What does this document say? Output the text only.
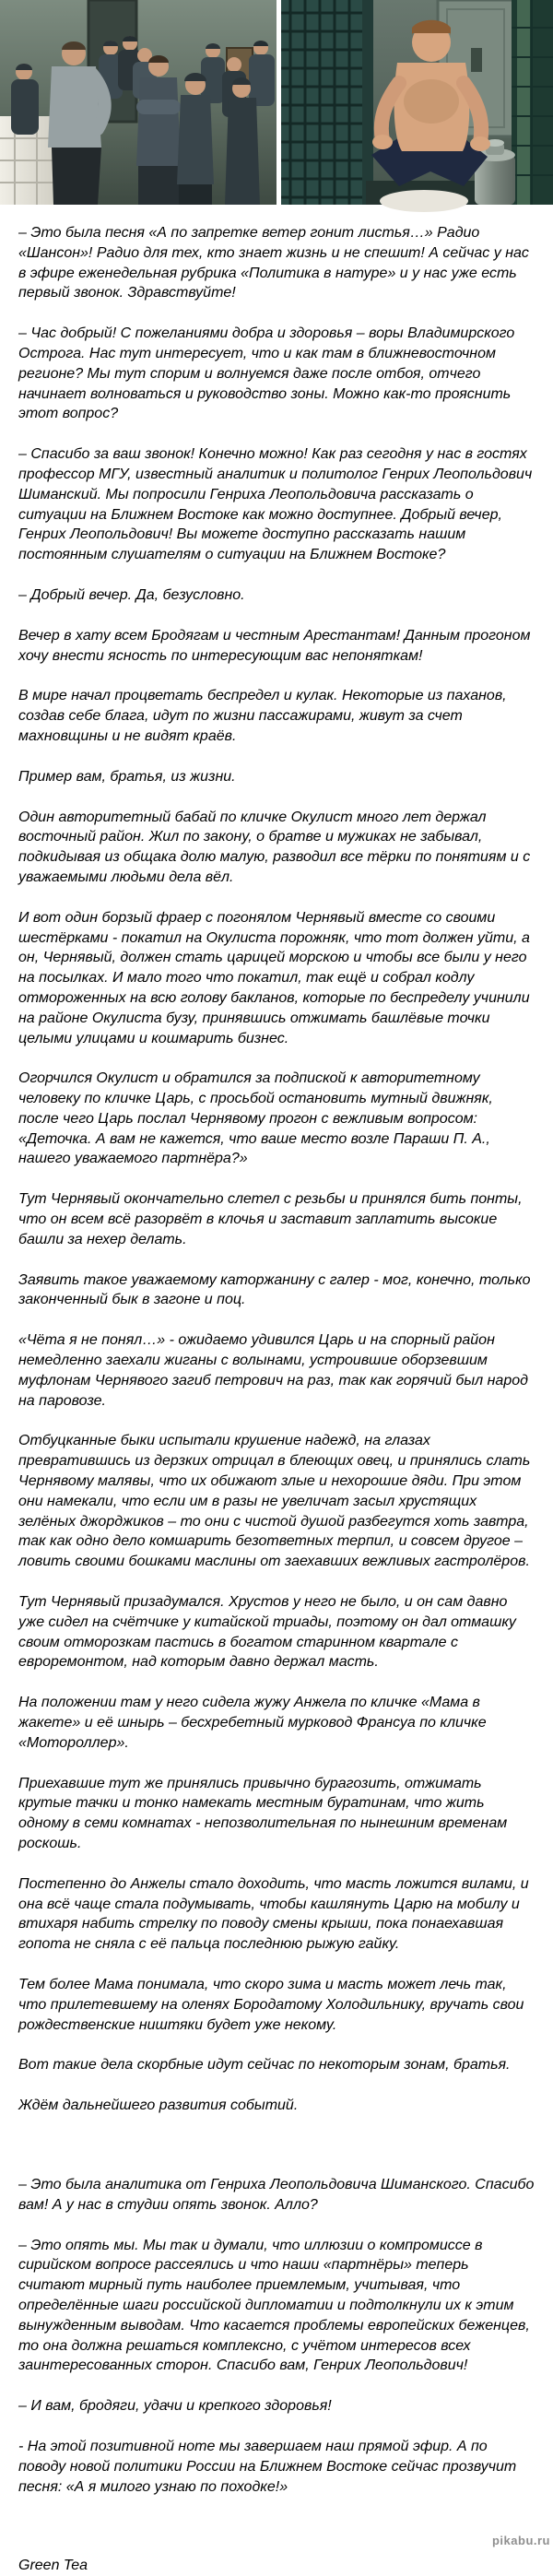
– Это была песня «А по запретке ветер гонит листья…» Радио «Шансон»! Радио для тех, кто знает жизнь и не спешит! А сейчас у нас в эфире еженедельная рубрика «Политика в натуре» и у нас уже есть первый звонок. Здравствуйте!

– Час добрый! С пожеланиями добра и здоровья – воры Владимирского Острога. Нас тут интересует, что и как там в ближневосточном регионе? Мы тут спорим и волнуемся даже после отбоя, отчего начинает волноваться и руководство зоны. Можно как-то прояснить этот вопрос?

– Спасибо за ваш звонок! Конечно можно! Как раз сегодня у нас в гостях профессор МГУ, известный аналитик и политолог Генрих Леопольдович Шиманский. Мы попросили Генриха Леопольдовича рассказать о ситуации на Ближнем Востоке как можно доступнее. Добрый вечер, Генрих Леопольдович! Вы можете доступно рассказать нашим постоянным слушателям о ситуации на Ближнем Востоке?

– Добрый вечер. Да, безусловно.

Вечер в хату всем Бродягам и честным Арестантам! Данным прогоном хочу внести ясность по интересующим вас непоняткам!

В мире начал процветать беспредел и кулак. Некоторые из паханов, создав себе блага, идут по жизни пассажирами, живут за счет махновщины и не видят краёв.

Пример вам, братья, из жизни.

Один авторитетный бабай по кличке Окулист много лет держал восточный район. Жил по закону, о братве и мужиках не забывал, подкидывая из общака долю малую, разводил все тёрки по понятиям и с уважаемыми людьми дела вёл.

И вот один борзый фраер с погонялом Чернявый вместе со своими шестёрками - покатил на Окулиста порожняк, что тот должен уйти, а он, Чернявый, должен стать царицей морскою и чтобы все были у него на посылках. И мало того что покатил, так ещё и собрал кодлу отмороженных на всю голову бакланов, которые по беспределу учинили на районе Окулиста бузу, принявшись отжимать башлёвые точки целыми улицами и кошмарить бизнес.

Огорчился Окулист и обратился за подпиской к авторитетному человеку по кличке Царь, с просьбой остановить мутный движняк, после чего Царь послал Чернявому прогон с вежливым вопросом: «Деточка. А вам не кажется, что ваше место возле Параши П. А., нашего уважаемого партнёра?»

Тут Чернявый окончательно слетел с резьбы и принялся бить понты, что он всем всё разорвёт в клочья и заставит заплатить высокие башли за нехер делать.

Заявить такое уважаемому каторжанину с галер - мог, конечно, только законченный бык в загоне и поц.

«Чёта я не понял…» - ожидаемо удивился Царь и на спорный район немедленно заехали жиганы с волынами, устроившие оборзевшим муфлонам Чернявого загиб петрович на раз, так как горячий был народ на паровозе.

Отбуцканные быки испытали крушение надежд, на глазах превратившись из дерзких отрицал в блеющих овец, и принялись слать Чернявому малявы, что их обижают злые и нехорошие дяди. При этом они намекали, что если им в разы не увеличат засыл хрустящих зелёных джорджиков – то они с чистой душой разбегутся хоть завтра, так как одно дело комшарить безответных терпил, и совсем другое – ловить своими бошками маслины от заехавших вежливых гастролёров.

Тут Чернявый призадумался. Хрустов у него не было, и он сам давно уже сидел на счётчике у китайской триады, поэтому он дал отмашку своим отморозкам пастись в богатом старинном квартале с евроремонтом, над которым давно держал масть.

На положении там у него сидела жужу Анжела по кличке «Мама в жакете» и её шнырь – бесхребетный мурковод Франсуа по кличке «Мотороллер».

Приехавшие тут же принялись привычно бурагозить, отжимать крутые тачки и тонко намекать местным буратинам, что жить одному в семи комнатах - непозволительная по нынешним временам роскошь.

Постепенно до Анжелы стало доходить, что масть ложится вилами, и она всё чаще стала подумывать, чтобы кашлянуть Царю на мобилу и втихаря набить стрелку по поводу смены крыши, пока понаехавшая гопота не сняла с её пальца последнюю рыжую гайку.

Тем более Мама понимала, что скоро зима и масть может лечь так, что прилетевшему на оленях Бородатому Холодильнику, вручать свои рождественские ништяки будет уже некому.

Вот такие дела скорбные идут сейчас по некоторым зонам, братья.

Ждём дальнейшего развития событий.

– Это была аналитика от Генриха Леопольдовича Шиманского. Спасибо вам! А у нас в студии опять звонок. Алло?

– Это опять мы. Мы так и думали, что иллюзии о компромиссе в сирийском вопросе рассеялись и что наши «партнёры» теперь считают мирный путь наиболее приемлемым, учитывая, что определённые шаги российской дипломатии и подтолкнули их к этим вынужденным выводам. Что касается проблемы европейских беженцев, то она должна решаться комплексно, с учётом интересов всех заинтересованных сторон. Спасибо вам, Генрих Леопольдович!

– И вам, бродяги, удачи и крепкого здоровья!

- На этой позитивной ноте мы завершаем наш прямой эфир. А по поводу новой политики России на Ближнем Востоке сейчас прозвучит песня: «А я милого узнаю по походке!»

Green Tea

pikabu.ru
